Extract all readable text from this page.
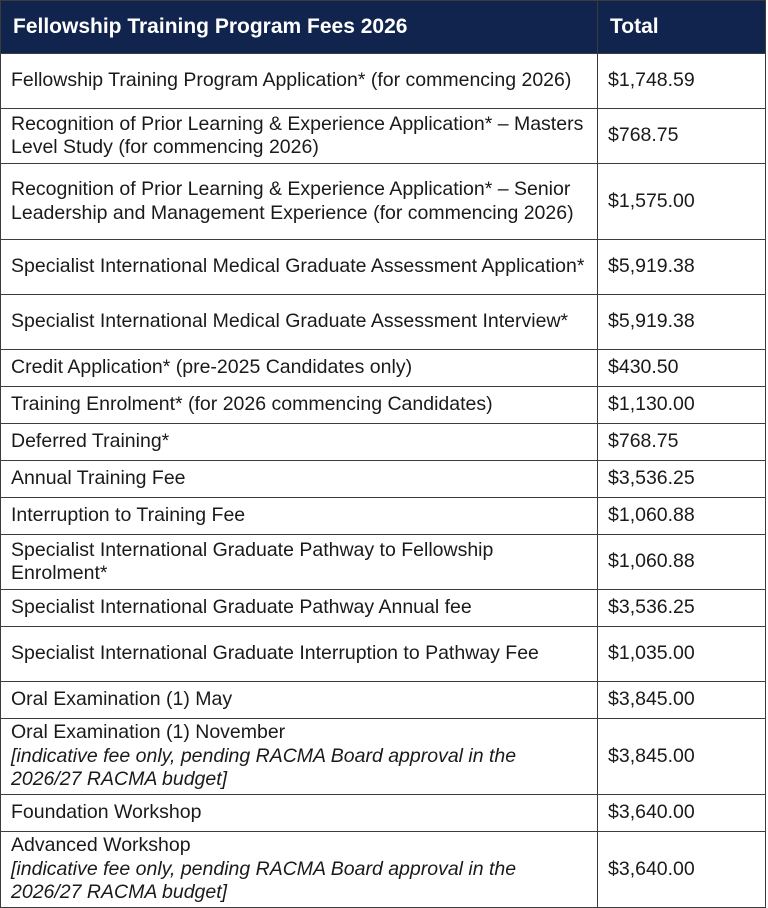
Fellowship Training Program Fees 2026	Total
Fellowship Training Program Application* (for commencing 2026)	$1,748.59
Recognition of Prior Learning & Experience Application* – Masters Level Study (for commencing 2026)	$768.75
Recognition of Prior Learning & Experience Application* – Senior Leadership and Management Experience (for commencing 2026)	$1,575.00
Specialist International Medical Graduate Assessment Application*	$5,919.38
Specialist International Medical Graduate Assessment Interview*	$5,919.38
Credit Application* (pre-2025 Candidates only)	$430.50
Training Enrolment* (for 2026 commencing Candidates)	$1,130.00
Deferred Training*	$768.75
Annual Training Fee	$3,536.25
Interruption to Training Fee	$1,060.88
Specialist International Graduate Pathway to Fellowship Enrolment*	$1,060.88
Specialist International Graduate Pathway Annual fee	$3,536.25
Specialist International Graduate Interruption to Pathway Fee	$1,035.00
Oral Examination (1) May	$3,845.00
Oral Examination (1) November
[indicative fee only, pending RACMA Board approval in the 2026/27 RACMA budget]	$3,845.00
Foundation Workshop	$3,640.00
Advanced Workshop
[indicative fee only, pending RACMA Board approval in the 2026/27 RACMA budget]	$3,640.00
